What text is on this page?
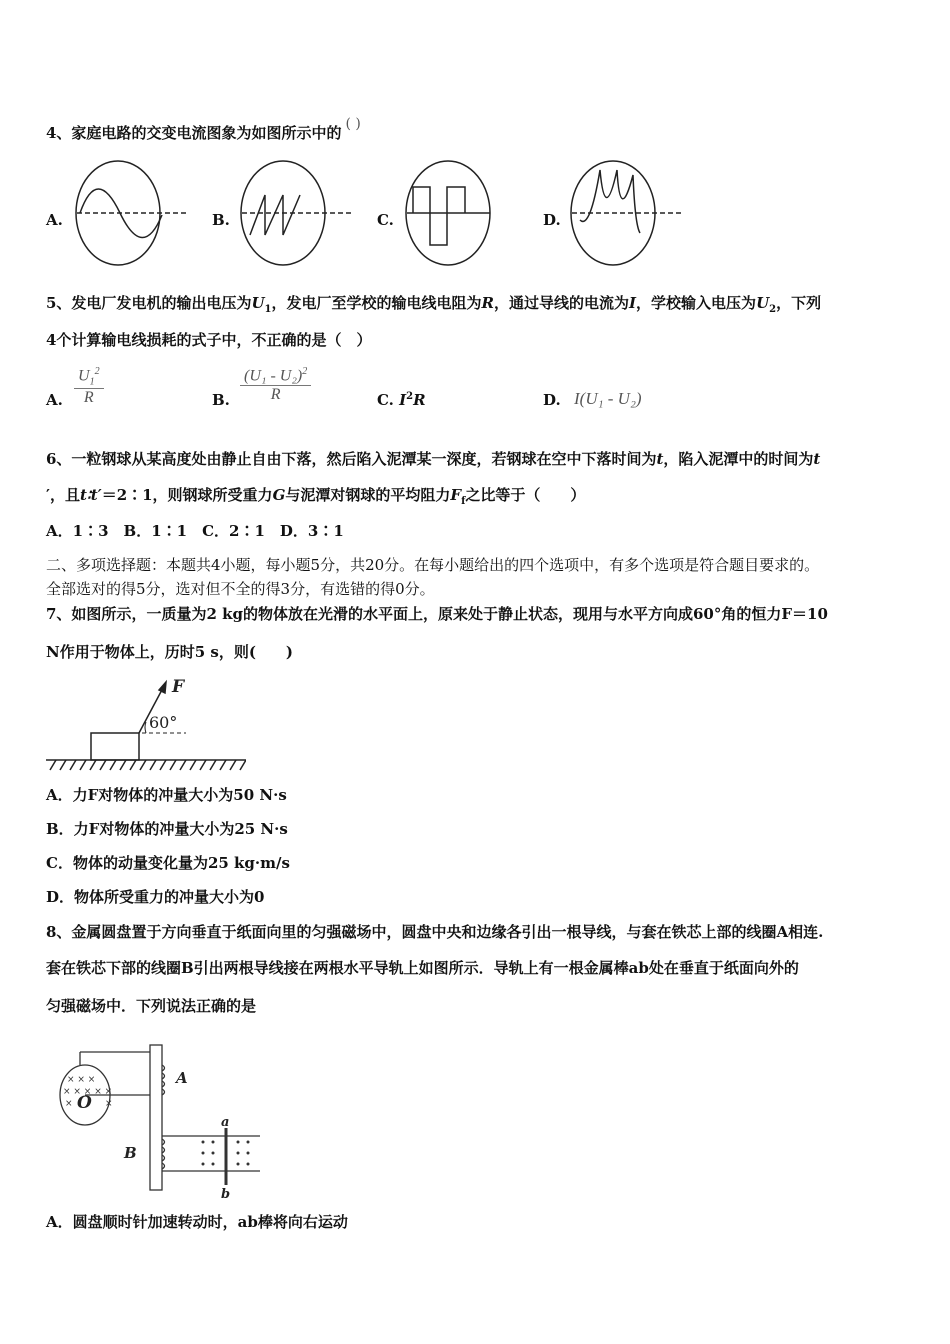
4、家庭电路的交变电流图象为如图所示中的 ( )
A.	B.	C.	D.
5、发电厂发电机的输出电压为$U_1$，发电厂至学校的输电线电阻为R，通过导线的电流为I，学校输入电压为$U_2$，下列
4个计算输电线损耗的式子中，不正确的是（　）
A. $\frac{U_1^2}{R}$	B. $\frac{(U_1 - U_2)^2}{R}$	C. $I^2R$	D. I(U₁ - U₂)
6、一粒钢球从某高度处由静止自由下落，然后陷入泥潭某一深度，若钢球在空中下落时间为t，陷入泥潭中的时间为t
′，且t∶t′＝2∶1，则钢球所受重力G与泥潭对钢球的平均阻力$F_f$之比等于（　　）
A．1∶3　B．1∶1　C．2∶1　D．3∶1
二、多项选择题：本题共4小题，每小题5分，共20分。在每小题给出的四个选项中，有多个选项是符合题目要求的。
全部选对的得5分，选对但不全的得3分，有选错的得0分。
7、如图所示，一质量为2 kg的物体放在光滑的水平面上，原来处于静止状态，现用与水平方向成60°角的恒力F＝10
N作用于物体上，历时5 s，则(　　)
F
60°
A．力F对物体的冲量大小为50 N·s
B．力F对物体的冲量大小为25 N·s
C．物体的动量变化量为25 kg·m/s
D．物体所受重力的冲量大小为0
8、金属圆盘置于方向垂直于纸面向里的匀强磁场中，圆盘中央和边缘各引出一根导线，与套在铁芯上部的线圈A相连.
套在铁芯下部的线圈B引出两根导线接在两根水平导轨上如图所示．导轨上有一根金属棒ab处在垂直于纸面向外的
匀强磁场中．下列说法正确的是
× × ×
× × × × ×
×	×
A
B
O
a
b
A．圆盘顺时针加速转动时，ab棒将向右运动
